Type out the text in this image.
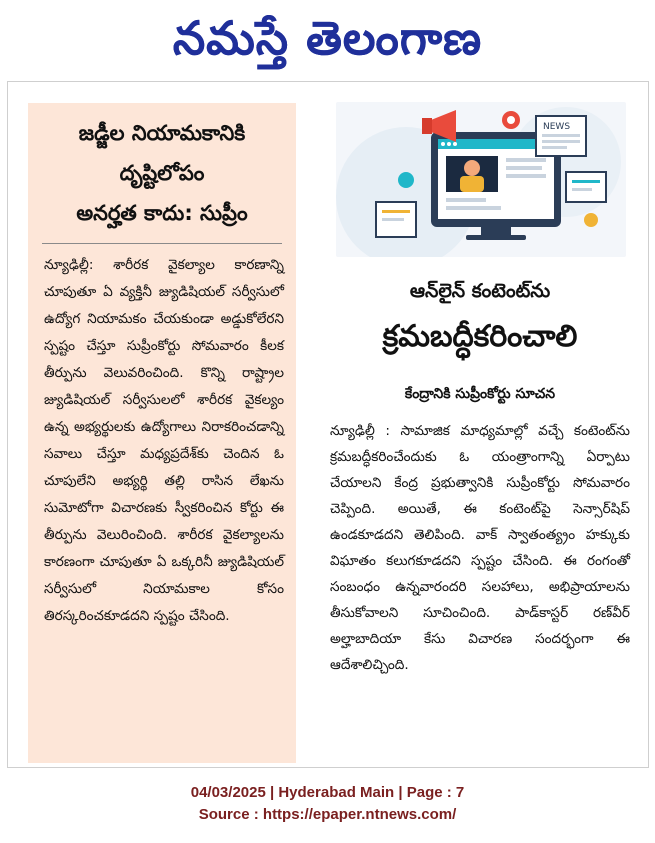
నమస్తే తెలంగాణ
జడ్జీల నియామకానికి
దృష్టిలోపం
అనర్హత కాదు: సుప్రీం

న్యూఢిల్లీ: శారీరక వైకల్యాల కారణాన్ని చూపుతూ ఏ వ్యక్తినీ జ్యుడిషియల్ సర్వీసులో ఉద్యోగ నియామకం చేయకుండా అడ్డుకోలేరని స్పష్టం చేస్తూ సుప్రీంకోర్టు సోమవారం కీలక తీర్పును వెలువరించింది. కొన్ని రాష్ట్రాల జ్యుడిషియల్ సర్వీసులలో శారీరక వైకల్యం ఉన్న అభ్యర్థులకు ఉద్యోగాలు నిరాకరించడాన్ని సవాలు చేస్తూ మధ్యప్రదేశ్‌కు చెందిన ఓ చూపులేని అభ్యర్థి తల్లి రాసిన లేఖను సుమోటోగా విచారణకు స్వీకరించిన కోర్టు ఈ తీర్పును వెలురించింది. శారీరక వైకల్యాలను కారణంగా చూపుతూ ఏ ఒక్కరినీ జ్యుడిషియల్ సర్వీసులో నియామకాల కోసం తిరస్కరించకూడదని స్పష్టం చేసింది.

NEWS
ఆన్‌లైన్ కంటెంట్‌ను
క్రమబద్ధీకరించాలి
కేంద్రానికి సుప్రీంకోర్టు సూచన

న్యూఢిల్లీ : సామాజిక మాధ్యమాల్లో వచ్చే కంటెంట్‌ను క్రమబద్ధీకరించేందుకు ఓ యంత్రాంగాన్ని ఏర్పాటు చేయాలని కేంద్ర ప్రభుత్వానికి సుప్రీంకోర్టు సోమవారం చెప్పింది. అయితే, ఈ కంటెంట్‌పై సెన్సార్‌షిప్ ఉండకూడదని తెలిపింది. వాక్ స్వాతంత్య్రం హక్కుకు విఘాతం కలుగకూడదని స్పష్టం చేసింది. ఈ రంగంతో సంబంధం ఉన్నవారందరి సలహాలు, అభిప్రాయాలను తీసుకోవాలని సూచించింది. పాడ్‌కాస్టర్ రణ్‌వీర్ అల్హాబాదియా కేసు విచారణ సందర్భంగా ఈ ఆదేశాలిచ్చింది.

04/03/2025 | Hyderabad Main | Page : 7
Source : https://epaper.ntnews.com/
